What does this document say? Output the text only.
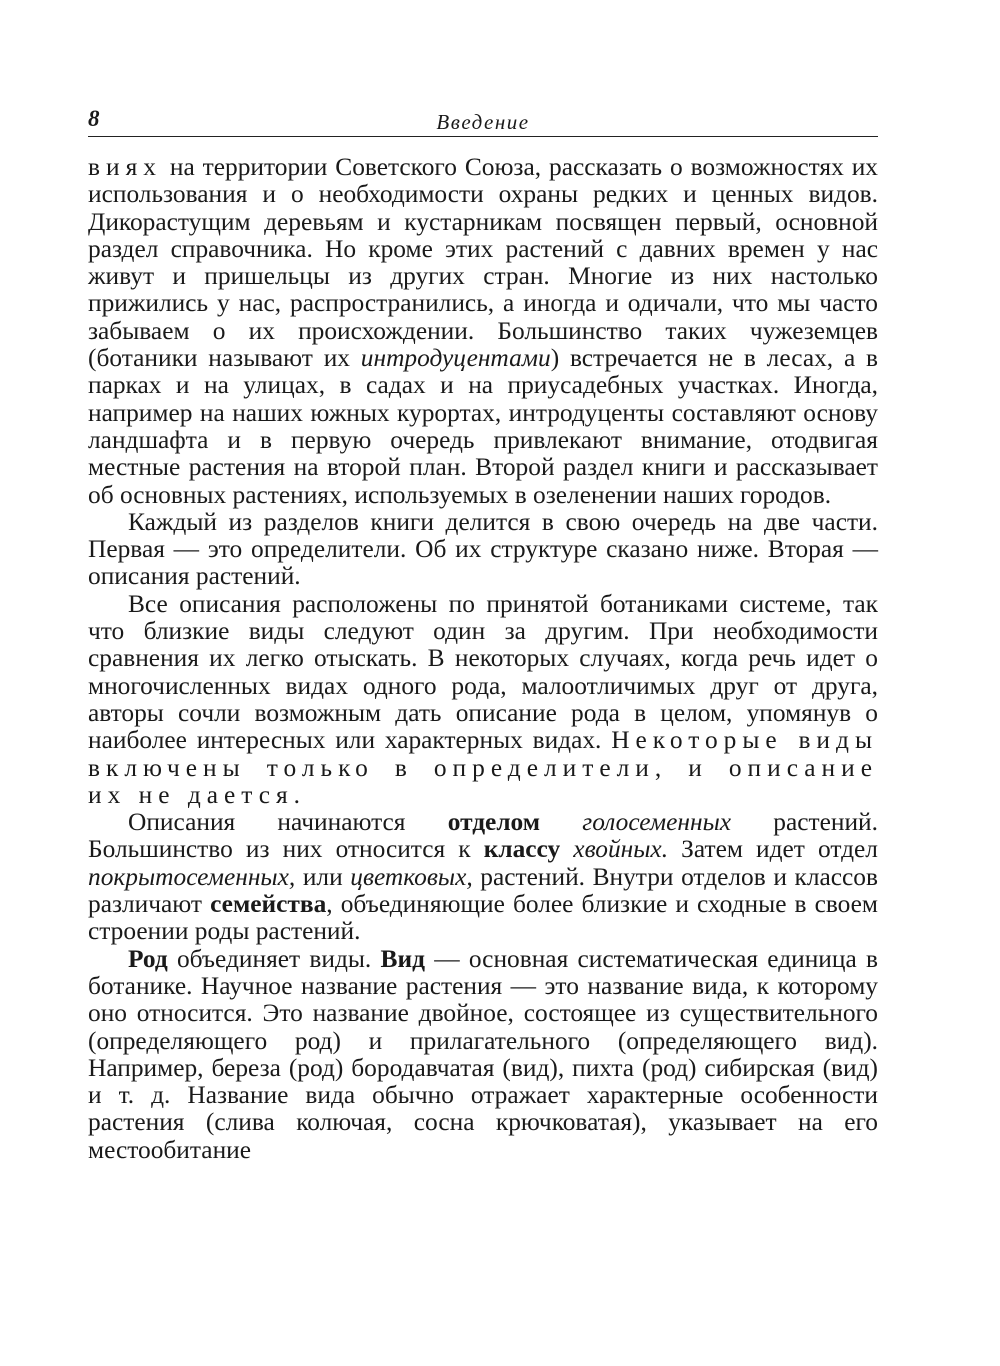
8	Введение

виях на территории Советского Союза, рассказать о возможностях их использования и о необходимости охраны редких и ценных видов. Дикорастущим деревьям и кустарникам посвящен первый, основной раздел справочника. Но кроме этих растений с давних времен у нас живут и пришельцы из других стран. Многие из них настолько прижились у нас, распространились, а иногда и одичали, что мы часто забываем о их происхождении. Большинство таких чужеземцев (ботаники называют их интродуцентами) встречается не в лесах, а в парках и на улицах, в садах и на приусадебных участках. Иногда, например на наших южных курортах, интродуценты составляют основу ландшафта и в первую очередь привлекают внимание, отодвигая местные растения на второй план. Второй раздел книги и рассказывает об основных растениях, используемых в озеленении наших городов.

Каждый из разделов книги делится в свою очередь на две части. Первая — это определители. Об их структуре сказано ниже. Вторая — описания растений.

Все описания расположены по принятой ботаниками системе, так что близкие виды следуют один за другим. При необходимости сравнения их легко отыскать. В некоторых случаях, когда речь идет о многочисленных видах одного рода, малоотличимых друг от друга, авторы сочли возможным дать описание рода в целом, упомянув о наиболее интересных или характерных видах. Некоторые виды включены только в определители, и описание их не дается.

Описания начинаются отделом голосеменных растений. Большинство из них относится к классу хвойных. Затем идет отдел покрытосеменных, или цветковых, растений. Внутри отделов и классов различают семейства, объединяющие более близкие и сходные в своем строении роды растений.

Род объединяет виды. Вид — основная систематическая единица в ботанике. Научное название растения — это название вида, к которому оно относится. Это название двойное, состоящее из существительного (определяющего род) и прилагательного (определяющего вид). Например, береза (род) бородавчатая (вид), пихта (род) сибирская (вид) и т. д. Название вида обычно отражает характерные особенности растения (слива колючая, сосна крючковатая), указывает на его местообитание
